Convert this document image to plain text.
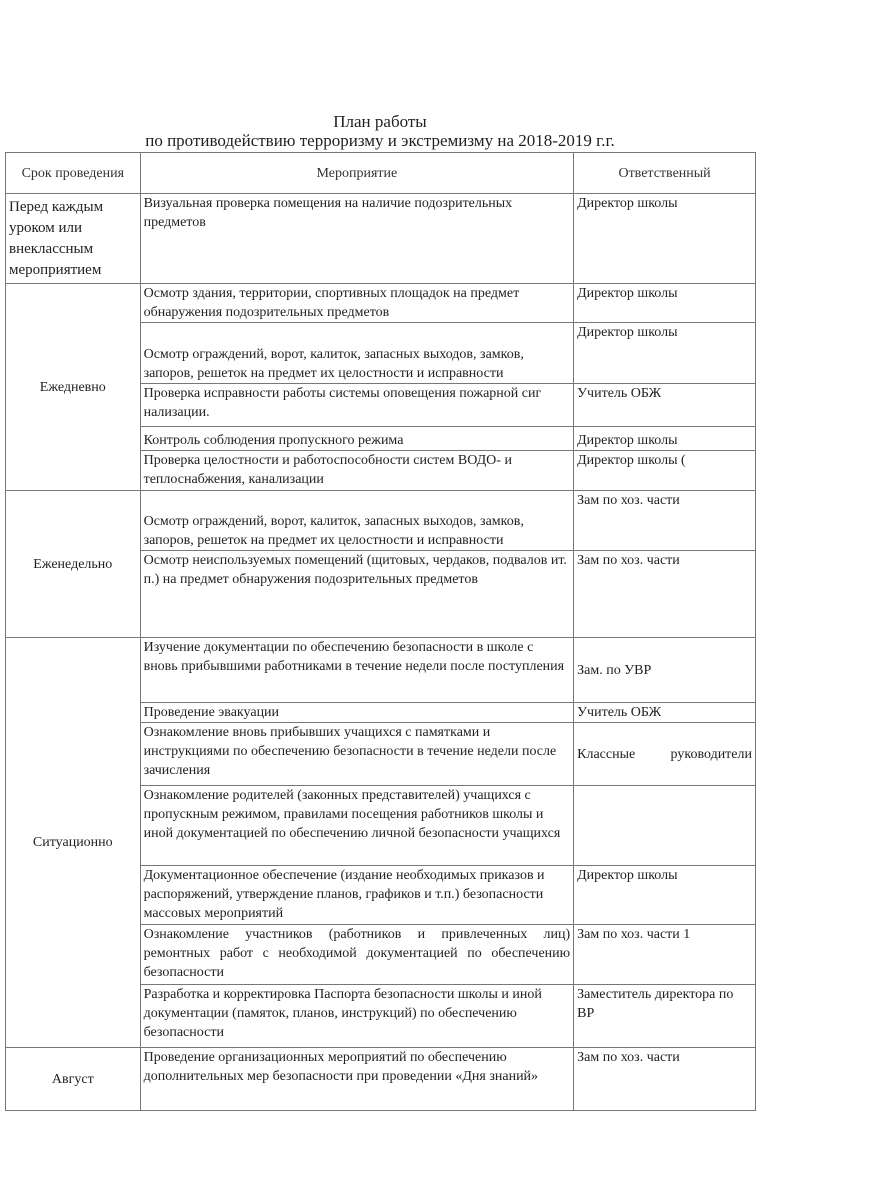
План работы
по противодействию терроризму и экстремизму на 2018-2019 г.г.
Срок проведения	Мероприятие	Ответственный
Перед каждым уроком или внеклассным мероприятием	Визуальная проверка помещения на наличие подозрительных предметов	Директор школы
Ежедневно	Осмотр здания, территории, спортивных площадок на предмет обнаружения подозрительных предметов	Директор школы
	Осмотр ограждений, ворот, калиток, запасных выходов, замков, запоров, решеток на предмет их целостности и исправности	Директор школы
	Проверка исправности работы системы оповещения пожарной сиг нализации.	Учитель ОБЖ
	Контроль соблюдения пропускного режима	Директор школы
	Проверка целостности и работоспособности систем ВОДО- и теплоснабжения, канализации	Директор школы (
Еженедельно	Осмотр ограждений, ворот, калиток, запасных выходов, замков, запоров, решеток на предмет их целостности и исправности	Зам по хоз. части
	Осмотр неиспользуемых помещений (щитовых, чердаков, подвалов ит. п.) на предмет обнаружения подозрительных предметов	Зам по хоз. части
Ситуационно	Изучение документации по обеспечению безопасности в школе с вновь прибывшими работниками в течение недели после поступления	Зам. по УВР
	Проведение эвакуации	Учитель ОБЖ
	Ознакомление вновь прибывших учащихся с памятками и инструкциями по обеспечению безопасности в течение недели после зачисления	Классные руководители
	Ознакомление родителей (законных представителей) учащихся с пропускным режимом, правилами посещения работников школы и иной документацией по обеспечению личной безопасности учащихся	
	Документационное обеспечение (издание необходимых приказов и распоряжений, утверждение планов, графиков и т.п.) безопасности массовых мероприятий	Директор школы
	Ознакомление участников (работников и привлеченных лиц) ремонтных работ с необходимой документацией по обеспечению безопасности	Зам по хоз. части 1
	Разработка и корректировка Паспорта безопасности школы и иной документации (памяток, планов, инструкций) по обеспечению безопасности	Заместитель директора по ВР
Август	Проведение организационных мероприятий по обеспечению дополнительных мер безопасности при проведении «Дня знаний»	Зам по хоз. части
